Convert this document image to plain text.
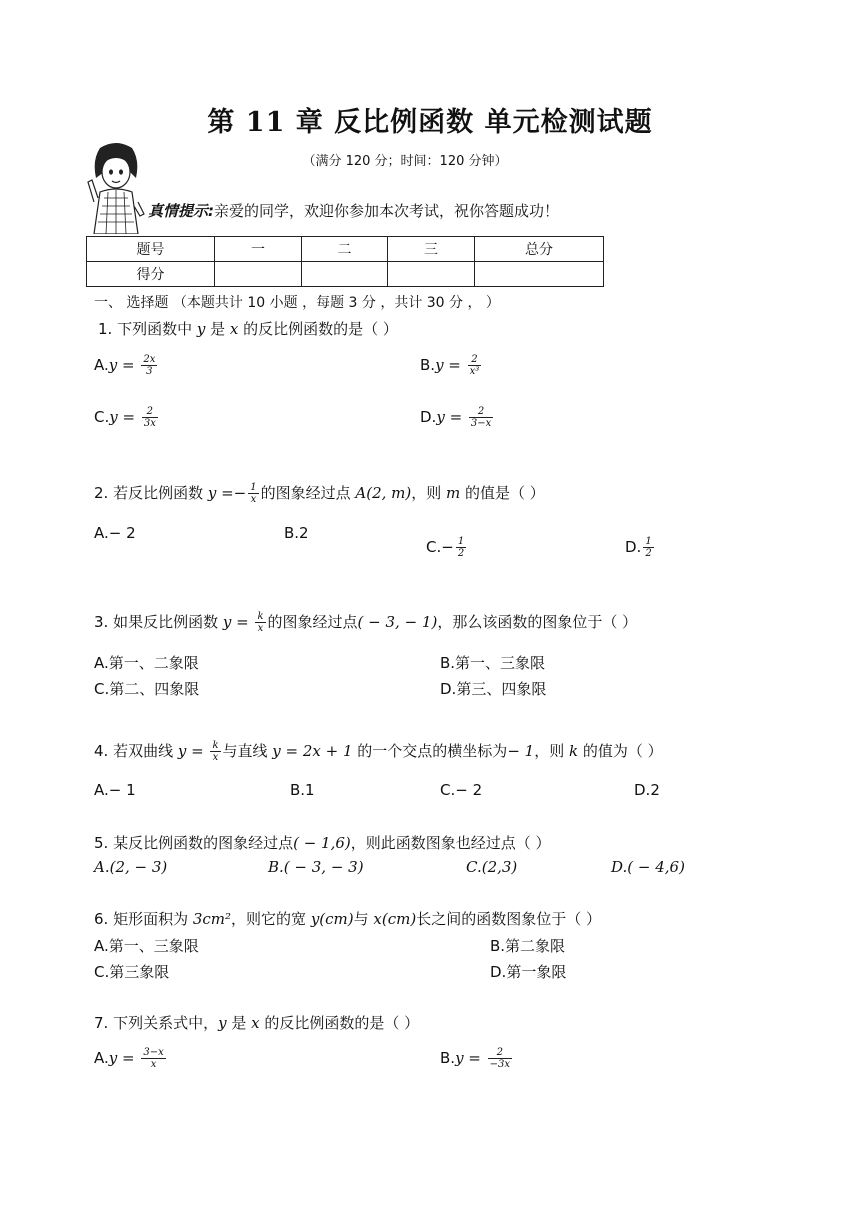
第 11 章 反比例函数 单元检测试题
（满分 120 分；时间：120 分钟）
真情提示:亲爱的同学，欢迎你参加本次考试，祝你答题成功！
题号	一	二	三	总分
得分				
一、 选择题 （本题共计 10 小题 ，每题 3 分 ，共计 30 分 ， ）
1. 下列函数中 y 是 x 的反比例函数的是（ ）
$A.y = \frac{2x}{3}$	$B.y = \frac{2}{\text{x³}}$
$C.y = \frac{2}{3x}$	$D.y = \frac{2}{3-x}$
2. 若反比例函数 $y =- \frac{1}{x}$ 的图象经过点 A(2, m)，则 m 的值是（ ）
A.− 2	B.2
$C.- \frac{1}{2}$	D. $\frac{1}{2}$
3. 如果反比例函数 $y = \frac{k}{x}$ 的图象经过点( − 3, − 1)，那么该函数的图象位于（ ）
A.第一、二象限	B.第一、三象限
C.第二、四象限	D.第三、四象限
4. 若双曲线 $y = \frac{k}{x}$ 与直线 y = 2x + 1 的一个交点的横坐标为− 1，则 k 的值为（ ）
A.− 1	B.1	C.− 2	D.2
5. 某反比例函数的图象经过点( − 1,6)，则此函数图象也经过点（ ）
A.(2, − 3)	B.( − 3, − 3)	C.(2,3)	D.( − 4,6)
6. 矩形面积为 3cm²，则它的宽 y(cm)与 x(cm)长之间的函数图象位于（ ）
A.第一、三象限	B.第二象限
C.第三象限	D.第一象限
7. 下列关系式中，y 是 x 的反比例函数的是（ ）
$A.y = \frac{3-x}{x}$	$B.y = \frac{2}{-3x}$
